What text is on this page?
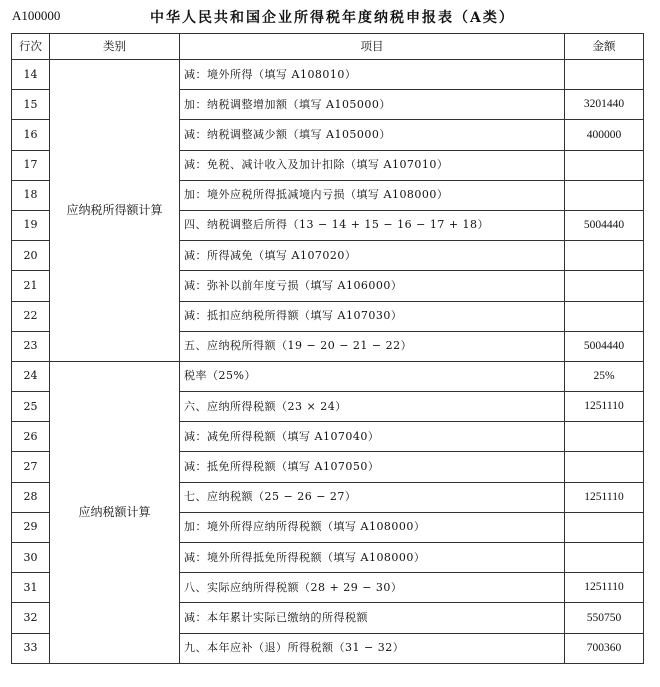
A100000	中华人民共和国企业所得税年度纳税申报表（A类）
行次	类别	项目	金额
14	应纳税所得额计算	减：境外所得（填写 A108010）	
15		加：纳税调整增加额（填写 A105000）	3201440
16		减：纳税调整减少额（填写 A105000）	400000
17		减：免税、减计收入及加计扣除（填写 A107010）	
18		加：境外应税所得抵减境内亏损（填写 A108000）	
19		四、纳税调整后所得（13 − 14 + 15 − 16 − 17 + 18）	5004440
20		减：所得减免（填写 A107020）	
21		减：弥补以前年度亏损（填写 A106000）	
22		减：抵扣应纳税所得额（填写 A107030）	
23		五、应纳税所得额（19 − 20 − 21 − 22）	5004440
24	应纳税额计算	税率（25%）	25%
25		六、应纳所得税额（23 × 24）	1251110
26		减：减免所得税额（填写 A107040）	
27		减：抵免所得税额（填写 A107050）	
28		七、应纳税额（25 − 26 − 27）	1251110
29		加：境外所得应纳所得税额（填写 A108000）	
30		减：境外所得抵免所得税额（填写 A108000）	
31		八、实际应纳所得税额（28 + 29 − 30）	1251110
32		减：本年累计实际已缴纳的所得税额	550750
33		九、本年应补（退）所得税额（31 − 32）	700360
